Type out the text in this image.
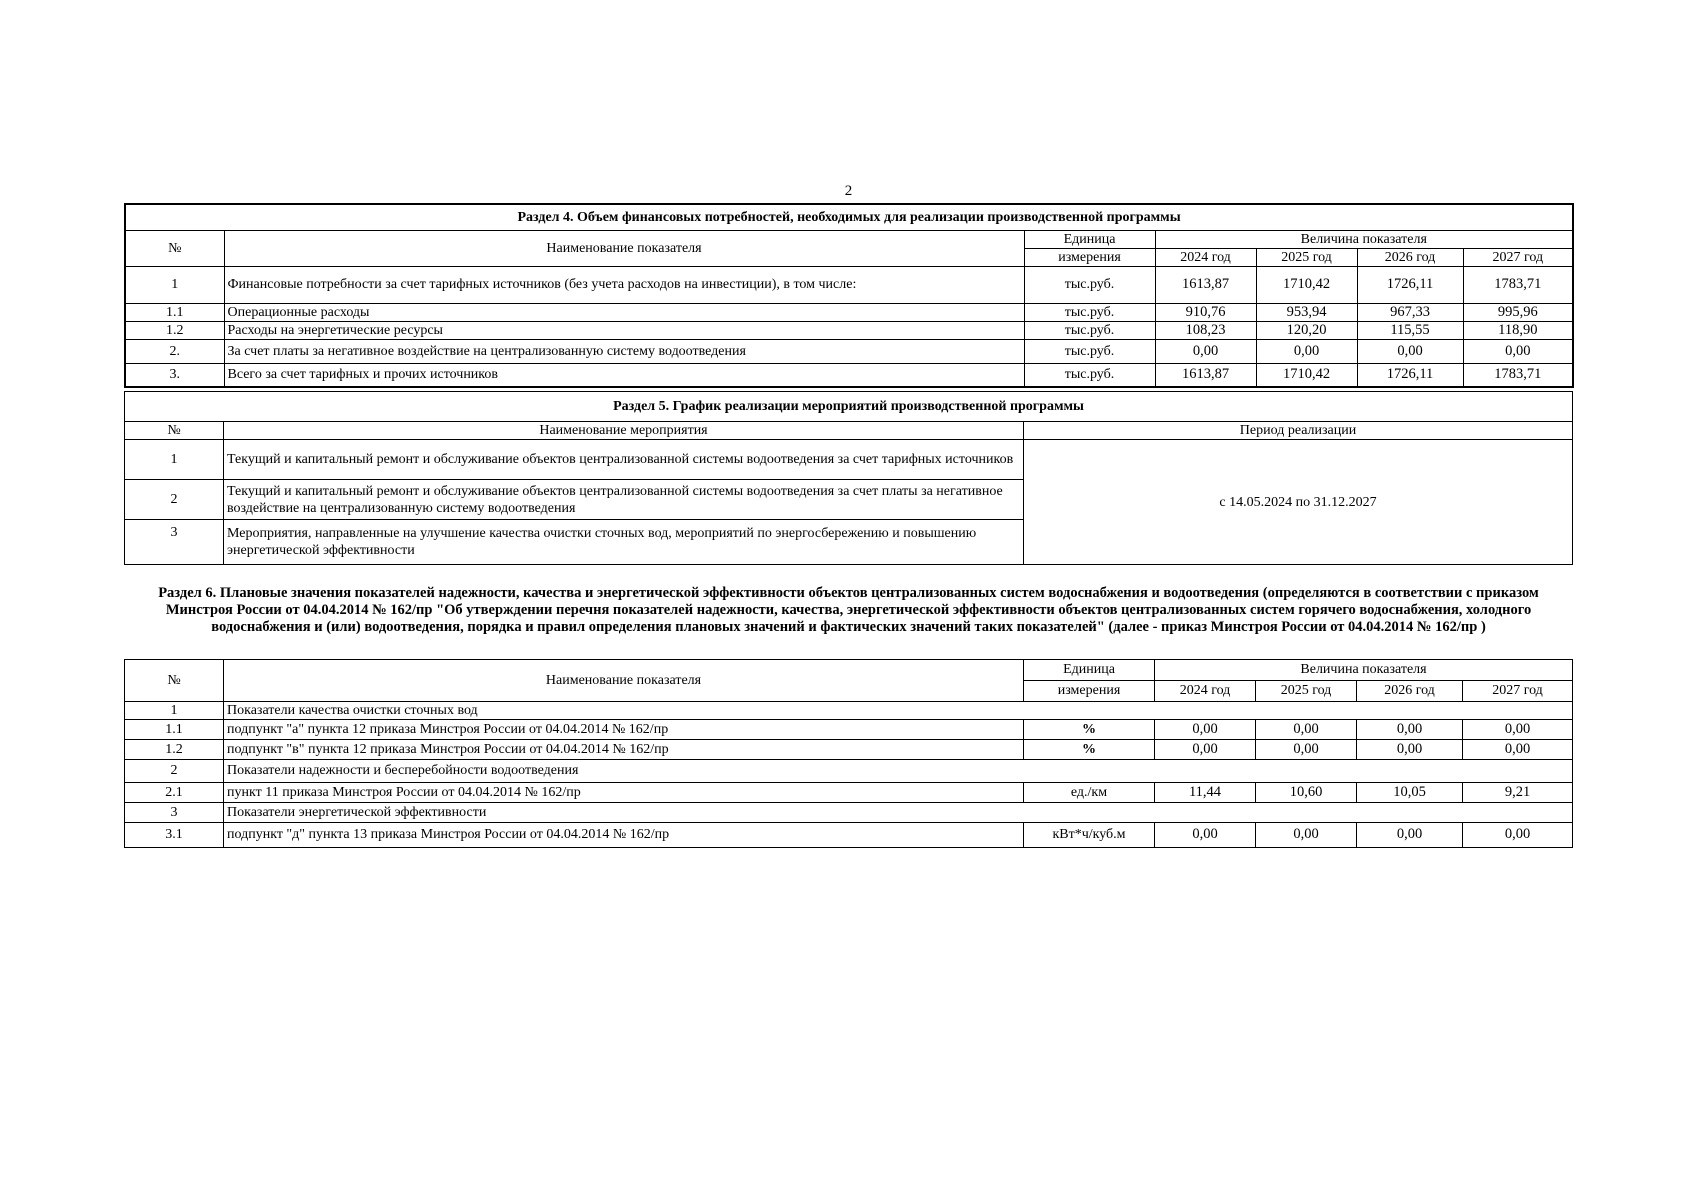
2
Раздел 4. Объем финансовых потребностей, необходимых для реализации производственной программы						
№	Наименование показателя	Единица	Величина показателя			
		измерения	2024 год	2025 год	2026 год	2027 год
1	Финансовые потребности за счет тарифных источников (без учета расходов на инвестиции), в том числе:	тыс.руб.	1613,87	1710,42	1726,11	1783,71
1.1	Операционные расходы	тыс.руб.	910,76	953,94	967,33	995,96
1.2	Расходы на энергетические ресурсы	тыс.руб.	108,23	120,20	115,55	118,90
2.	За счет платы за негативное воздействие на централизованную систему водоотведения	тыс.руб.	0,00	0,00	0,00	0,00
3.	Всего за счет тарифных и прочих источников	тыс.руб.	1613,87	1710,42	1726,11	1783,71
Раздел 5. График реализации мероприятий производственной программы		
№	Наименование мероприятия	Период реализации
1	Текущий и капитальный ремонт и обслуживание объектов централизованной системы водоотведения за счет тарифных источников	с 14.05.2024 по 31.12.2027
2	Текущий и капитальный ремонт и обслуживание объектов централизованной системы водоотведения за счет платы за негативное воздействие на централизованную систему водоотведения	
3	Мероприятия, направленные на улучшение качества очистки сточных вод, мероприятий по энергосбережению и повышению энергетической эффективности	
Раздел 6. Плановые значения показателей надежности, качества и энергетической эффективности объектов централизованных систем водоснабжения и водоотведения (определяются в соответствии с приказом Минстроя России от 04.04.2014 № 162/пр "Об утверждении перечня показателей надежности, качества, энергетической эффективности объектов централизованных систем горячего водоснабжения, холодного водоснабжения и (или) водоотведения, порядка и правил определения плановых значений и фактических значений таких показателей" (далее - приказ Минстроя России от 04.04.2014 № 162/пр )						
№	Наименование показателя	Единица	Величина показателя			
		измерения	2024 год	2025 год	2026 год	2027 год
1	Показатели качества очистки сточных вод					
1.1	подпункт "а" пункта 12 приказа Минстроя России от 04.04.2014 № 162/пр	%	0,00	0,00	0,00	0,00
1.2	подпункт "в" пункта 12 приказа Минстроя России от 04.04.2014 № 162/пр	%	0,00	0,00	0,00	0,00
2	Показатели надежности и бесперебойности водоотведения					
2.1	пункт 11 приказа Минстроя России от 04.04.2014 № 162/пр	ед./км	11,44	10,60	10,05	9,21
3	Показатели энергетической эффективности					
3.1	подпункт "д" пункта 13 приказа Минстроя России от 04.04.2014 № 162/пр	кВт*ч/куб.м	0,00	0,00	0,00	0,00
